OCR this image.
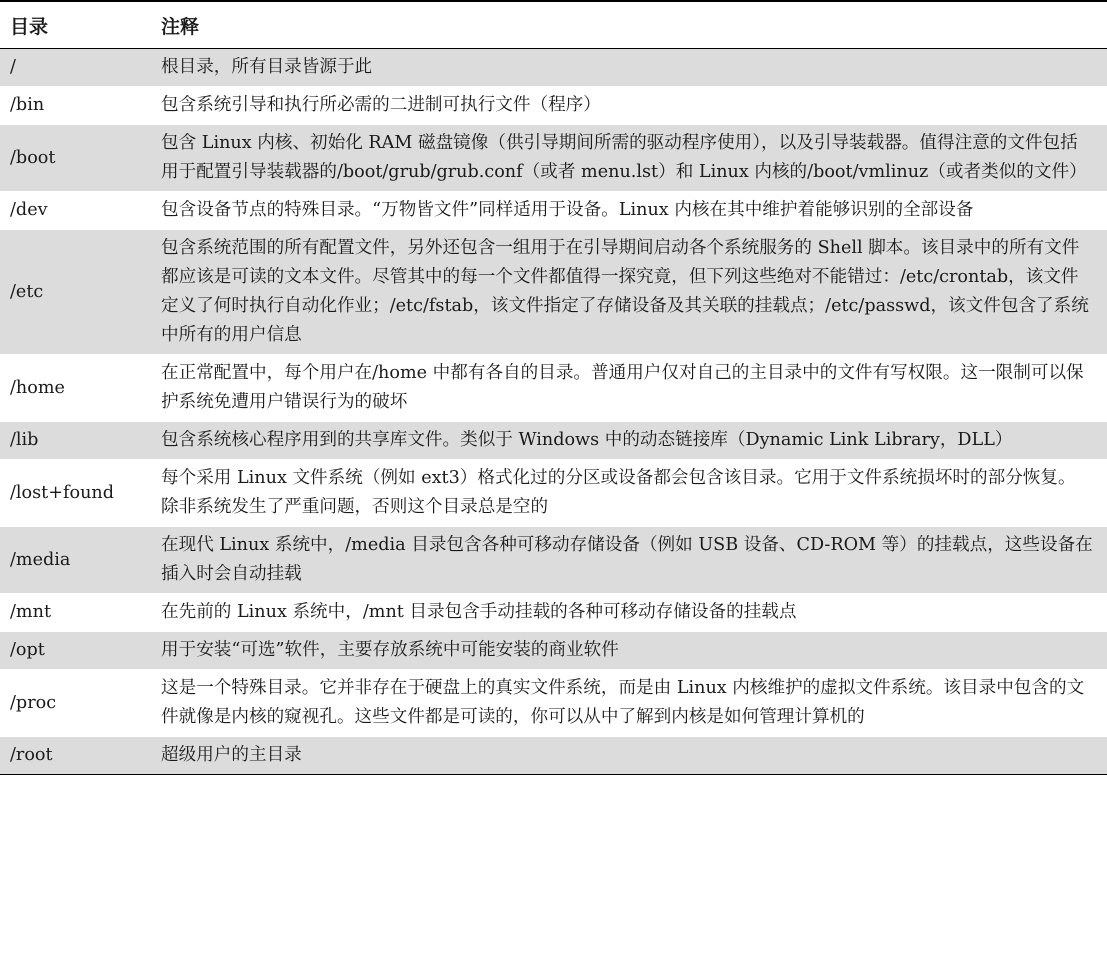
目录	注释
/	根目录，所有目录皆源于此
/bin	包含系统引导和执行所必需的二进制可执行文件（程序）
/boot	包含 Linux 内核、初始化 RAM 磁盘镜像（供引导期间所需的驱动程序使用），以及引导装载器。值得注意的文件包括用于配置引导装载器的/boot/grub/grub.conf（或者 menu.lst）和 Linux 内核的/boot/vmlinuz（或者类似的文件）
/dev	包含设备节点的特殊目录。“万物皆文件”同样适用于设备。Linux 内核在其中维护着能够识别的全部设备
/etc	包含系统范围的所有配置文件，另外还包含一组用于在引导期间启动各个系统服务的 Shell 脚本。该目录中的所有文件都应该是可读的文本文件。尽管其中的每一个文件都值得一探究竟，但下列这些绝对不能错过：/etc/crontab，该文件定义了何时执行自动化作业；/etc/fstab，该文件指定了存储设备及其关联的挂载点；/etc/passwd，该文件包含了系统中所有的用户信息
/home	在正常配置中，每个用户在/home 中都有各自的目录。普通用户仅对自己的主目录中的文件有写权限。这一限制可以保护系统免遭用户错误行为的破坏
/lib	包含系统核心程序用到的共享库文件。类似于 Windows 中的动态链接库（Dynamic Link Library，DLL）
/lost+found	每个采用 Linux 文件系统（例如 ext3）格式化过的分区或设备都会包含该目录。它用于文件系统损坏时的部分恢复。除非系统发生了严重问题，否则这个目录总是空的
/media	在现代 Linux 系统中，/media 目录包含各种可移动存储设备（例如 USB 设备、CD-ROM 等）的挂载点，这些设备在插入时会自动挂载
/mnt	在先前的 Linux 系统中，/mnt 目录包含手动挂载的各种可移动存储设备的挂载点
/opt	用于安装“可选”软件，主要存放系统中可能安装的商业软件
/proc	这是一个特殊目录。它并非存在于硬盘上的真实文件系统，而是由 Linux 内核维护的虚拟文件系统。该目录中包含的文件就像是内核的窥视孔。这些文件都是可读的，你可以从中了解到内核是如何管理计算机的
/root	超级用户的主目录
